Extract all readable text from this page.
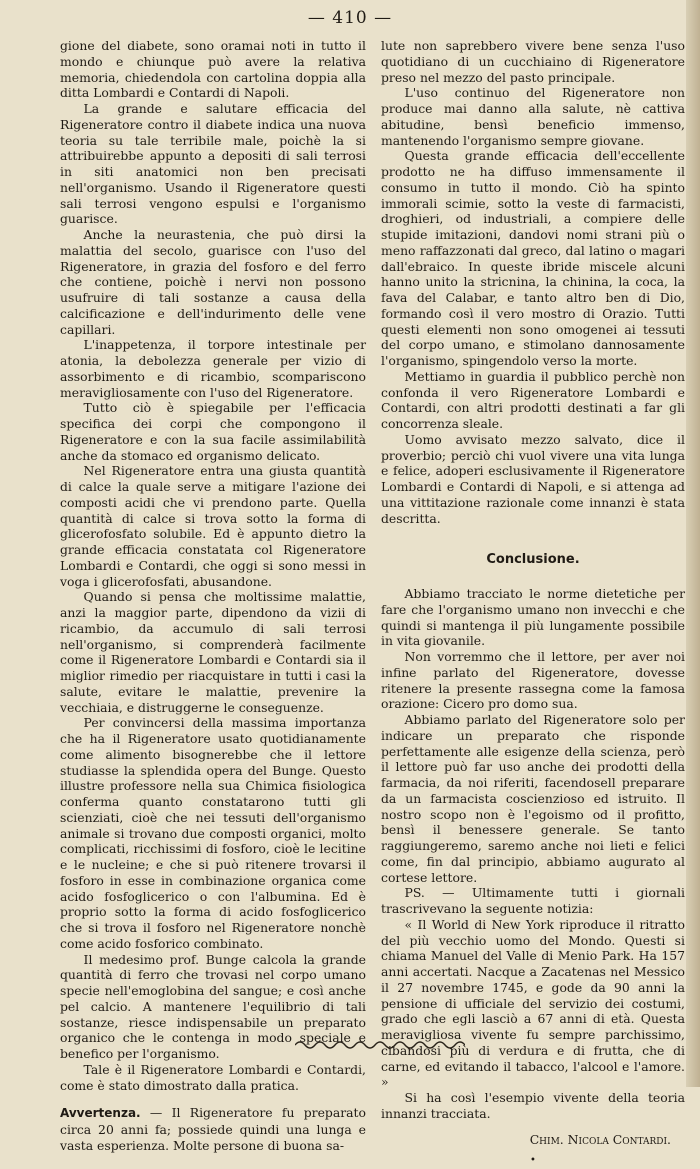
— 410 —

gione del diabete, sono oramai noti in tutto il mondo e chiunque può avere la relativa memoria, chiedendola con cartolina doppia alla ditta Lombardi e Contardi di Napoli.

La grande e salutare efficacia del Rigeneratore contro il diabete indica una nuova teoria su tale terribile male, poichè la si attribuirebbe appunto a depositi di sali terrosi in siti anatomici non ben precisati nell'organismo. Usando il Rigeneratore questi sali terrosi vengono espulsi e l'organismo guarisce.

Anche la neurastenia, che può dirsi la malattia del secolo, guarisce con l'uso del Rigeneratore, in grazia del fosforo e del ferro che contiene, poichè i nervi non possono usufruire di tali sostanze a causa della calcificazione e dell'indurimento delle vene capillari.

L'inappetenza, il torpore intestinale per atonia, la debolezza generale per vizio di assorbimento e di ricambio, scompariscono meravigliosamente con l'uso del Rigeneratore.

Tutto ciò è spiegabile per l'efficacia specifica dei corpi che compongono il Rigeneratore e con la sua facile assimilabilità anche da stomaco ed organismo delicato.

Nel Rigeneratore entra una giusta quantità di calce la quale serve a mitigare l'azione dei composti acidi che vi prendono parte. Quella quantità di calce si trova sotto la forma di glicerofosfato solubile. Ed è appunto dietro la grande efficacia constatata col Rigeneratore Lombardi e Contardi, che oggi si sono messi in voga i glicerofosfati, abusandone.

Quando si pensa che moltissime malattie, anzi la maggior parte, dipendono da vizii di ricambio, da accumulo di sali terrosi nell'organismo, si comprenderà facilmente come il Rigeneratore Lombardi e Contardi sia il miglior rimedio per riacquistare in tutti i casi la salute, evitare le malattie, prevenire la vecchiaia, e distruggerne le conseguenze.

Per convincersi della massima importanza che ha il Rigeneratore usato quotidianamente come alimento bisognerebbe che il lettore studiasse la splendida opera del Bunge. Questo illustre professore nella sua Chimica fisiologica conferma quanto constatarono tutti gli scienziati, cioè che nei tessuti dell'organismo animale si trovano due composti organici, molto complicati, ricchissimi di fosforo, cioè le lecitine e le nucleine; e che si può ritenere trovarsi il fosforo in esse in combinazione organica come acido fosfoglicerico o con l'albumina. Ed è proprio sotto la forma di acido fosfoglicerico che si trova il fosforo nel Rigeneratore nonchè come acido fosforico combinato.

Il medesimo prof. Bunge calcola la grande quantità di ferro che trovasi nel corpo umano specie nell'emoglobina del sangue; e così anche pel calcio. A mantenere l'equilibrio di tali sostanze, riesce indispensabile un preparato organico che le contenga in modo speciale e benefico per l'organismo.

Tale è il Rigeneratore Lombardi e Contardi, come è stato dimostrato dalla pratica.

Avvertenza. — Il Rigeneratore fu preparato circa 20 anni fa; possiede quindi una lunga e vasta esperienza. Molte persone di buona sa-

lute non saprebbero vivere bene senza l'uso quotidiano di un cucchiaino di Rigeneratore preso nel mezzo del pasto principale.

L'uso continuo del Rigeneratore non produce mai danno alla salute, nè cattiva abitudine, bensì beneficio immenso, mantenendo l'organismo sempre giovane.

Questa grande efficacia dell'eccellente prodotto ne ha diffuso immensamente il consumo in tutto il mondo. Ciò ha spinto immorali scimie, sotto la veste di farmacisti, droghieri, od industriali, a compiere delle stupide imitazioni, dandovi nomi strani più o meno raffazzonati dal greco, dal latino o magari dall'ebraico. In queste ibride miscele alcuni hanno unito la stricnina, la chinina, la coca, la fava del Calabar, e tanto altro ben di Dio, formando così il vero mostro di Orazio. Tutti questi elementi non sono omogenei ai tessuti del corpo umano, e stimolano dannosamente l'organismo, spingendolo verso la morte.

Mettiamo in guardia il pubblico perchè non confonda il vero Rigeneratore Lombardi e Contardi, con altri prodotti destinati a far gli concorrenza sleale.

Uomo avvisato mezzo salvato, dice il proverbio; perciò chi vuol vivere una vita lunga e felice, adoperi esclusivamente il Rigeneratore Lombardi e Contardi di Napoli, e si attenga ad una vittitazione razionale come innanzi è stata descritta.

Conclusione.

Abbiamo tracciato le norme dietetiche per fare che l'organismo umano non invecchi e che quindi si mantenga il più lungamente possibile in vita giovanile.

Non vorremmo che il lettore, per aver noi infine parlato del Rigeneratore, dovesse ritenere la presente rassegna come la famosa orazione: Cicero pro domo sua.

Abbiamo parlato del Rigeneratore solo per indicare un preparato che risponde perfettamente alle esigenze della scienza, però il lettore può far uso anche dei prodotti della farmacia, da noi riferiti, facendosell preparare da un farmacista coscienzioso ed istruito. Il nostro scopo non è l'egoismo od il profitto, bensì il benessere generale. Se tanto raggiungeremo, saremo anche noi lieti e felici come, fin dal principio, abbiamo augurato al cortese lettore.

PS. — Ultimamente tutti i giornali trascrivevano la seguente notizia:

« Il World di New York riproduce il ritratto del più vecchio uomo del Mondo. Questi si chiama Manuel del Valle di Menio Park. Ha 157 anni accertati. Nacque a Zacatenas nel Messico il 27 novembre 1745, e gode da 90 anni la pensione di ufficiale del servizio dei costumi, grado che egli lasciò a 67 anni di età. Questa meravigliosa vivente fu sempre parchissimo, cibandosi più di verdura e di frutta, che di carne, ed evitando il tabacco, l'alcool e l'amore. »

Si ha così l'esempio vivente della teoria innanzi tracciata.

Chim. Nicola Contardi.
•
